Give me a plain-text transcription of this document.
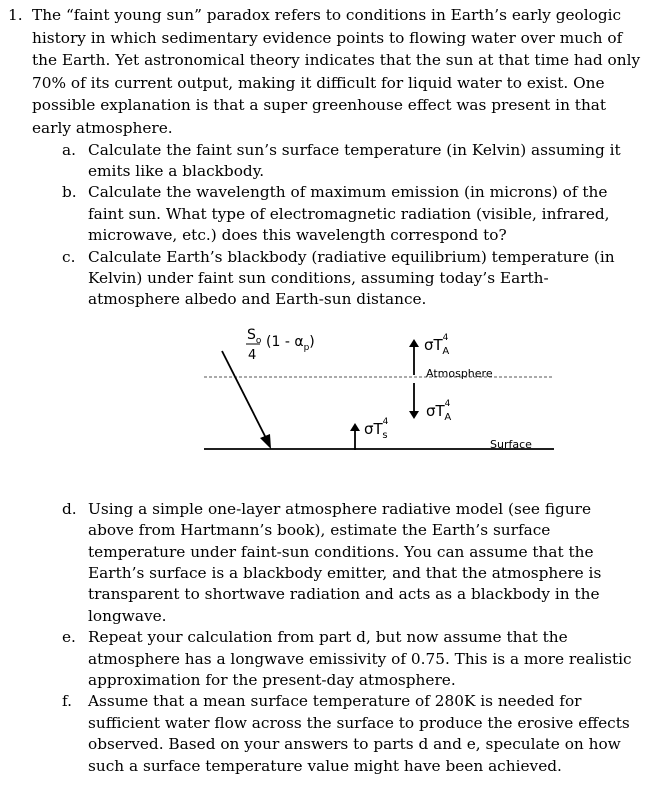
1. The “faint young sun” paradox refers to conditions in Earth’s early geologic history in which sedimentary evidence points to flowing water over much of the Earth. Yet astronomical theory indicates that the sun at that time had only 70% of its current output, making it difficult for liquid water to exist. One possible explanation is that a super greenhouse effect was present in that early atmosphere.
a. Calculate the faint sun’s surface temperature (in Kelvin) assuming it emits like a blackbody.
b. Calculate the wavelength of maximum emission (in microns) of the faint sun. What type of electromagnetic radiation (visible, infrared, microwave, etc.) does this wavelength correspond to?
c. Calculate Earth’s blackbody (radiative equilibrium) temperature (in Kelvin) under faint sun conditions, assuming today’s Earth-atmosphere albedo and Earth-sun distance.
$S_o$
4
$(1 - \alpha_p)$	$\sigma T^4_A$
Atmosphere
$\sigma T^4_A$
$\sigma T^4_s$
Surface
d. Using a simple one-layer atmosphere radiative model (see figure above from Hartmann’s book), estimate the Earth’s surface temperature under faint-sun conditions. You can assume that the Earth’s surface is a blackbody emitter, and that the atmosphere is transparent to shortwave radiation and acts as a blackbody in the longwave.
e. Repeat your calculation from part d, but now assume that the atmosphere has a longwave emissivity of 0.75. This is a more realistic approximation for the present-day atmosphere.
f. Assume that a mean surface temperature of 280K is needed for sufficient water flow across the surface to produce the erosive effects observed. Based on your answers to parts d and e, speculate on how such a surface temperature value might have been achieved.
